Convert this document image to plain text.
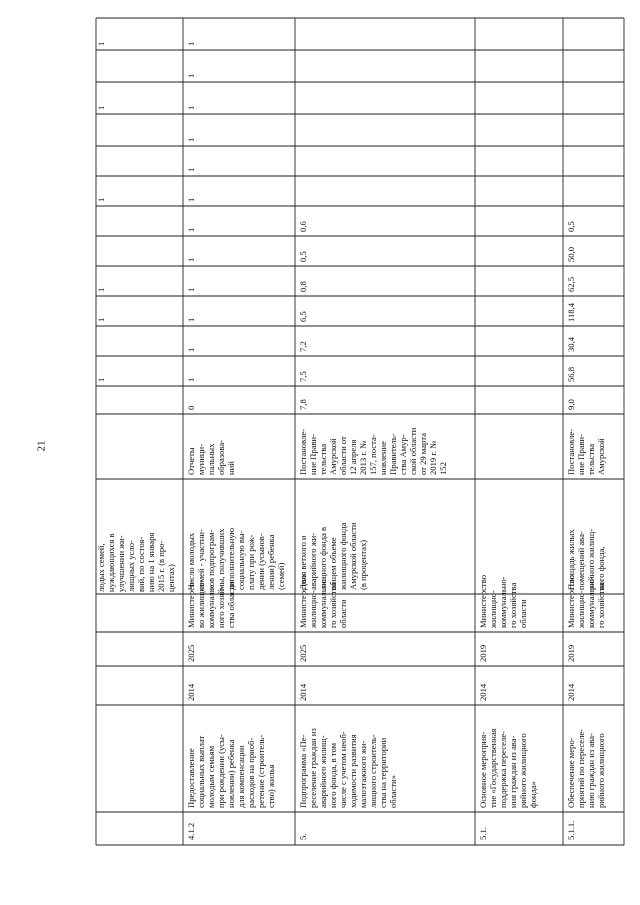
21
лодых семей,
нуждающихся в
улучшении жи-
лищных усло-
вий, по состоя-
нию на 1 января
2015 г. (в про-
центах)
1
1
1
1
1
1
4.1.2
Предоставление
социальных выплат
молодым семьям
при рождении (усы-
новлении) ребенка
для компенсации
расходов на приоб-
ретение (строитель-
ство) жилья
2014
2025
Министерст-
во жилищно-
коммуналь-
ного хозяй-
ства области
Число молодых
семей - участни-
ков подпрограм-
мы, получивших
дополнительную
социальную вы-
плату при рож-
дении (усынов-
лении) ребенка
(семей)
Отчеты
муници-
пальных
образова-
ний
0
1
1
1
1
1
1
1
1
1
1
1
1
5.
Подпрограмма «Пе-
реселение граждан из
аварийного жилищ-
ного фонда, в том
числе с учетом необ-
ходимости развития
малоэтажного жи-
лищного строитель-
ства на территории
области»
2014
2025
Министерство
жилищно-
коммунально-
го хозяйства
области
Доля ветхого и
аварийного жи-
лищного фонда в
общем объеме
жилищного фонда
Амурской области
(в процентах)
Постановле-
ние Прави-
тельства
Амурской
области от
12 апреля
2013 г. №
157, поста-
новление
Правитель-
ства Амур-
ской области
от 29 марта
2019 г. №
152
7,8
7,5
7,2
6,5
0,8
0,5
0,6
5.1.
Основное мероприя-
тие «Государственная
поддержка переселе-
ния граждан из ава-
рийного жилищного
фонда»
2014
2019
Министерство
жилищно-
коммунально-
го хозяйства
области
5.1.1.
Обеспечение меро-
приятий по переселе-
нию граждан из ава-
рийного жилищного
2014
2019
Министерство
жилищно-
коммунально-
го хозяйства
Площадь жилых
помещений ава-
рийного жилищ-
ного фонда,
Постановле-
ние Прави-
тельства
Амурской
9,0
56,8
30,4
118,4
62,5
50,0
0,5
